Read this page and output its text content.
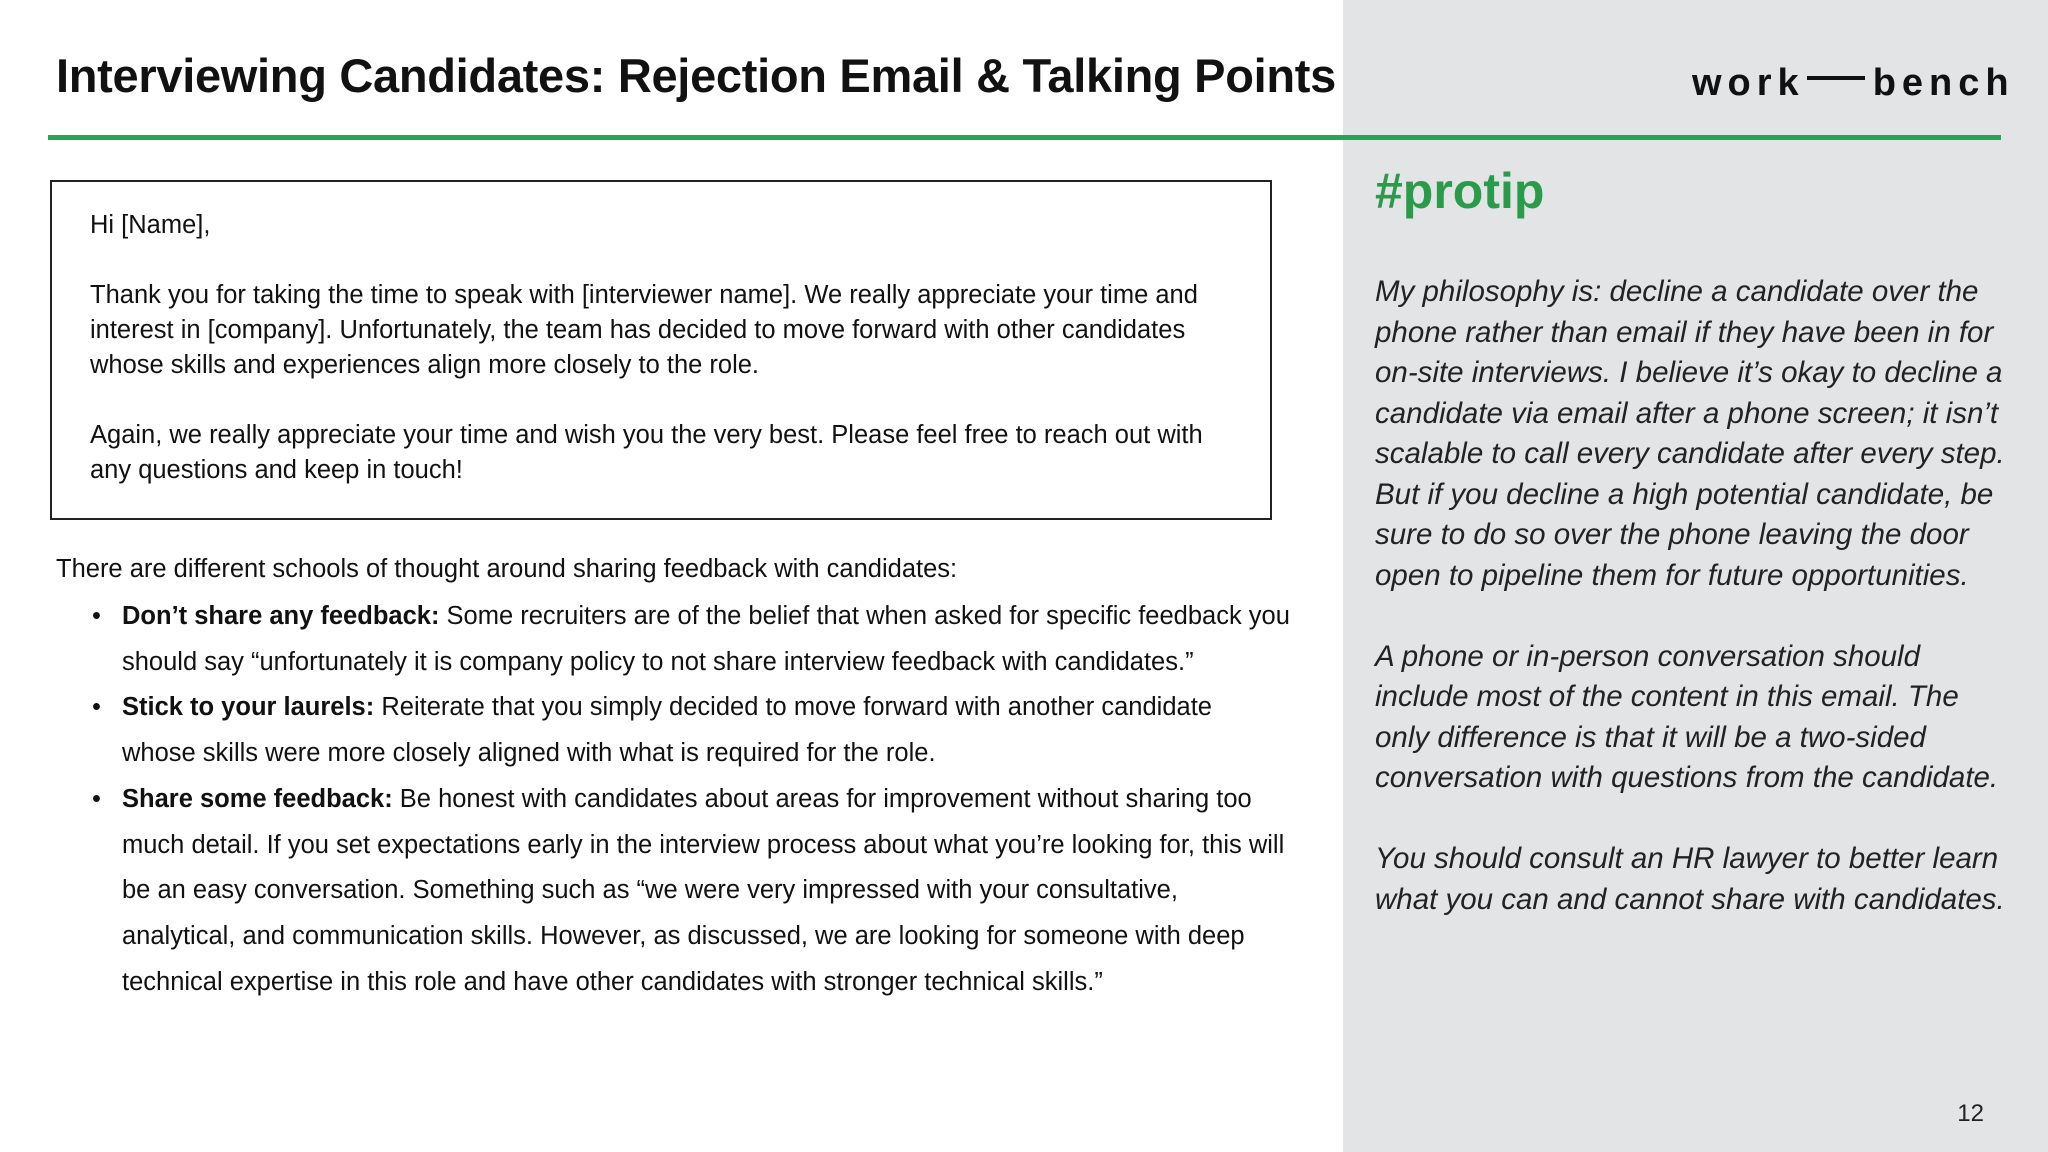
Interviewing Candidates: Rejection Email & Talking Points	work bench

Hi [Name],

Thank you for taking the time to speak with [interviewer name]. We really appreciate your time and interest in [company]. Unfortunately, the team has decided to move forward with other candidates whose skills and experiences align more closely to the role.

Again, we really appreciate your time and wish you the very best. Please feel free to reach out with any questions and keep in touch!

There are different schools of thought around sharing feedback with candidates:

• Don’t share any feedback: Some recruiters are of the belief that when asked for specific feedback you should say “unfortunately it is company policy to not share interview feedback with candidates.”
• Stick to your laurels: Reiterate that you simply decided to move forward with another candidate whose skills were more closely aligned with what is required for the role.
• Share some feedback: Be honest with candidates about areas for improvement without sharing too much detail. If you set expectations early in the interview process about what you’re looking for, this will be an easy conversation. Something such as “we were very impressed with your consultative, analytical, and communication skills. However, as discussed, we are looking for someone with deep technical expertise in this role and have other candidates with stronger technical skills.”
#protip

My philosophy is: decline a candidate over the phone rather than email if they have been in for on-site interviews. I believe it’s okay to decline a candidate via email after a phone screen; it isn’t scalable to call every candidate after every step. But if you decline a high potential candidate, be sure to do so over the phone leaving the door open to pipeline them for future opportunities.

A phone or in-person conversation should include most of the content in this email. The only difference is that it will be a two-sided conversation with questions from the candidate.

You should consult an HR lawyer to better learn what you can and cannot share with candidates.

12
